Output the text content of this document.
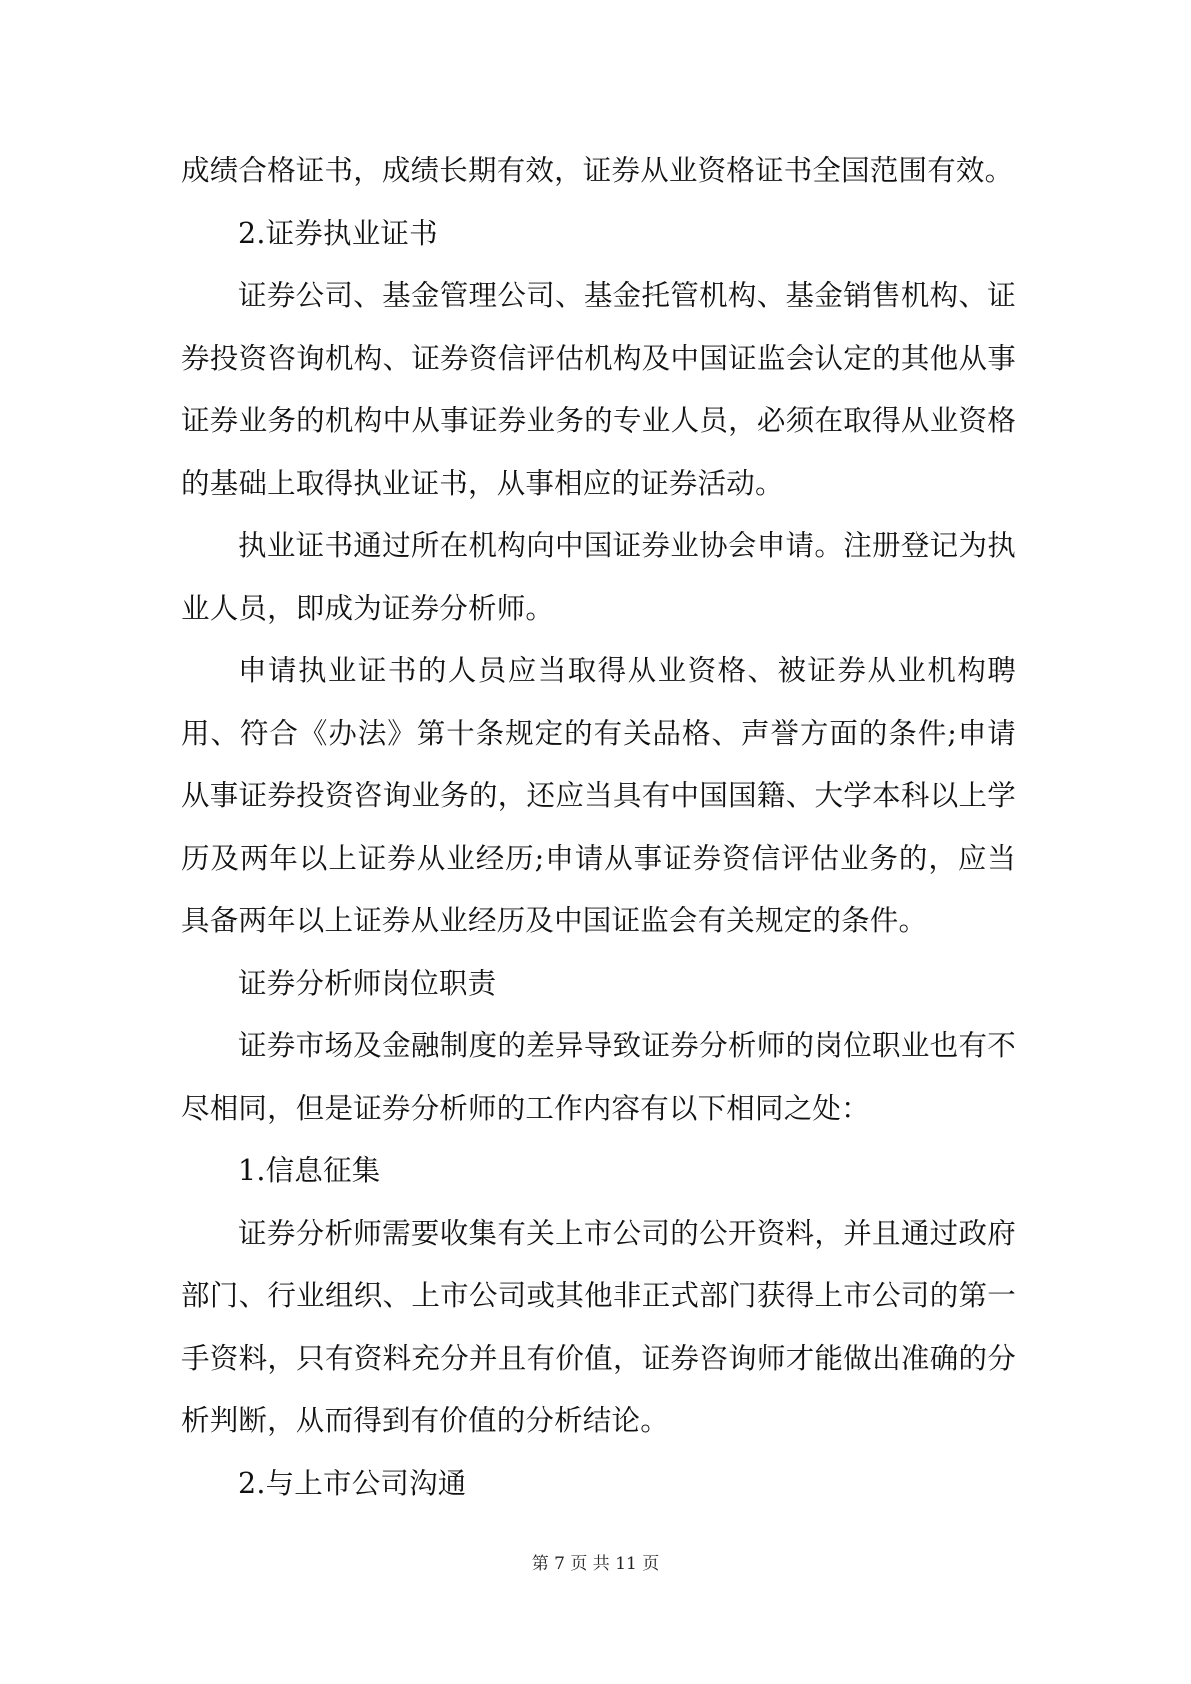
成绩合格证书，成绩长期有效，证券从业资格证书全国范围有效。

2.证券执业证书

证券公司、基金管理公司、基金托管机构、基金销售机构、证券投资咨询机构、证券资信评估机构及中国证监会认定的其他从事证券业务的机构中从事证券业务的专业人员，必须在取得从业资格的基础上取得执业证书，从事相应的证券活动。

执业证书通过所在机构向中国证券业协会申请。注册登记为执业人员，即成为证券分析师。

申请执业证书的人员应当取得从业资格、被证券从业机构聘用、符合《办法》第十条规定的有关品格、声誉方面的条件;申请从事证券投资咨询业务的，还应当具有中国国籍、大学本科以上学历及两年以上证券从业经历;申请从事证券资信评估业务的，应当具备两年以上证券从业经历及中国证监会有关规定的条件。

证券分析师岗位职责

证券市场及金融制度的差异导致证券分析师的岗位职业也有不尽相同，但是证券分析师的工作内容有以下相同之处：

1.信息征集

证券分析师需要收集有关上市公司的公开资料，并且通过政府部门、行业组织、上市公司或其他非正式部门获得上市公司的第一手资料，只有资料充分并且有价值，证券咨询师才能做出准确的分析判断，从而得到有价值的分析结论。

2.与上市公司沟通

第 7 页 共 11 页
